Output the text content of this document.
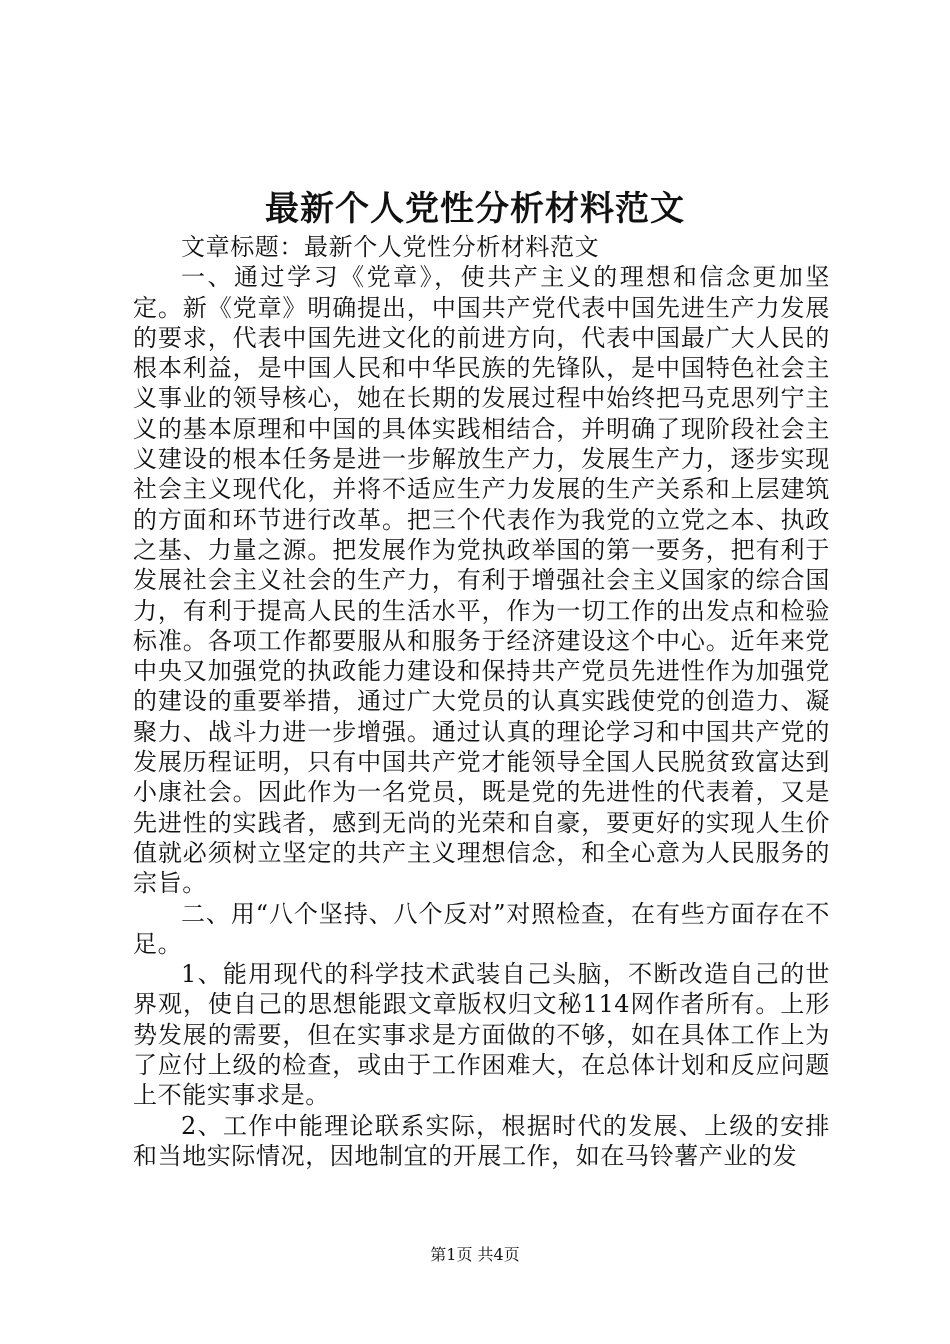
最新个人党性分析材料范文

文章标题：最新个人党性分析材料范文

一、通过学习《党章》，使共产主义的理想和信念更加坚定。新《党章》明确提出，中国共产党代表中国先进生产力发展的要求，代表中国先进文化的前进方向，代表中国最广大人民的根本利益，是中国人民和中华民族的先锋队，是中国特色社会主义事业的领导核心，她在长期的发展过程中始终把马克思列宁主义的基本原理和中国的具体实践相结合，并明确了现阶段社会主义建设的根本任务是进一步解放生产力，发展生产力，逐步实现社会主义现代化，并将不适应生产力发展的生产关系和上层建筑的方面和环节进行改革。把三个代表作为我党的立党之本、执政之基、力量之源。把发展作为党执政举国的第一要务，把有利于发展社会主义社会的生产力，有利于增强社会主义国家的综合国力，有利于提高人民的生活水平，作为一切工作的出发点和检验标准。各项工作都要服从和服务于经济建设这个中心。近年来党中央又加强党的执政能力建设和保持共产党员先进性作为加强党的建设的重要举措，通过广大党员的认真实践使党的创造力、凝聚力、战斗力进一步增强。通过认真的理论学习和中国共产党的发展历程证明，只有中国共产党才能领导全国人民脱贫致富达到小康社会。因此作为一名党员，既是党的先进性的代表着，又是先进性的实践者，感到无尚的光荣和自豪，要更好的实现人生价值就必须树立坚定的共产主义理想信念，和全心意为人民服务的宗旨。

二、用“八个坚持、八个反对”对照检查，在有些方面存在不足。

1、能用现代的科学技术武装自己头脑，不断改造自己的世界观，使自己的思想能跟文章版权归文秘114网作者所有。上形势发展的需要，但在实事求是方面做的不够，如在具体工作上为了应付上级的检查，或由于工作困难大，在总体计划和反应问题上不能实事求是。

2、工作中能理论联系实际，根据时代的发展、上级的安排和当地实际情况，因地制宜的开展工作，如在马铃薯产业的发

第1页 共4页
